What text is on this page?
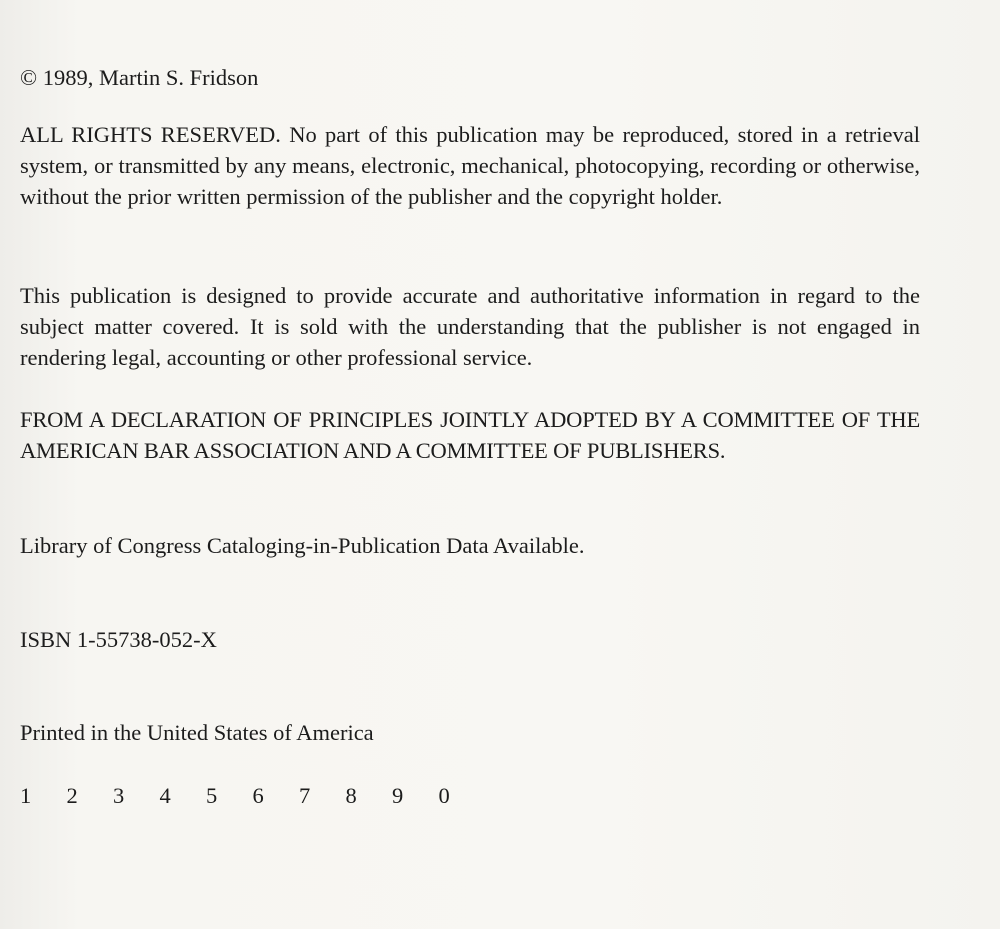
© 1989, Martin S. Fridson
ALL RIGHTS RESERVED. No part of this publication may be reproduced, stored in a retrieval system, or transmitted by any means, electronic, mechanical, photocopying, recording or otherwise, without the prior written permission of the publisher and the copyright holder.
This publication is designed to provide accurate and authoritative information in regard to the subject matter covered. It is sold with the understanding that the publisher is not engaged in rendering legal, accounting or other professional service.
FROM A DECLARATION OF PRINCIPLES JOINTLY ADOPTED BY A COMMITTEE OF THE AMERICAN BAR ASSOCIATION AND A COMMITTEE OF PUBLISHERS.
Library of Congress Cataloging-in-Publication Data Available.
ISBN 1-55738-052-X
Printed in the United States of America
1	2	3	4	5	6	7	8	9	0
